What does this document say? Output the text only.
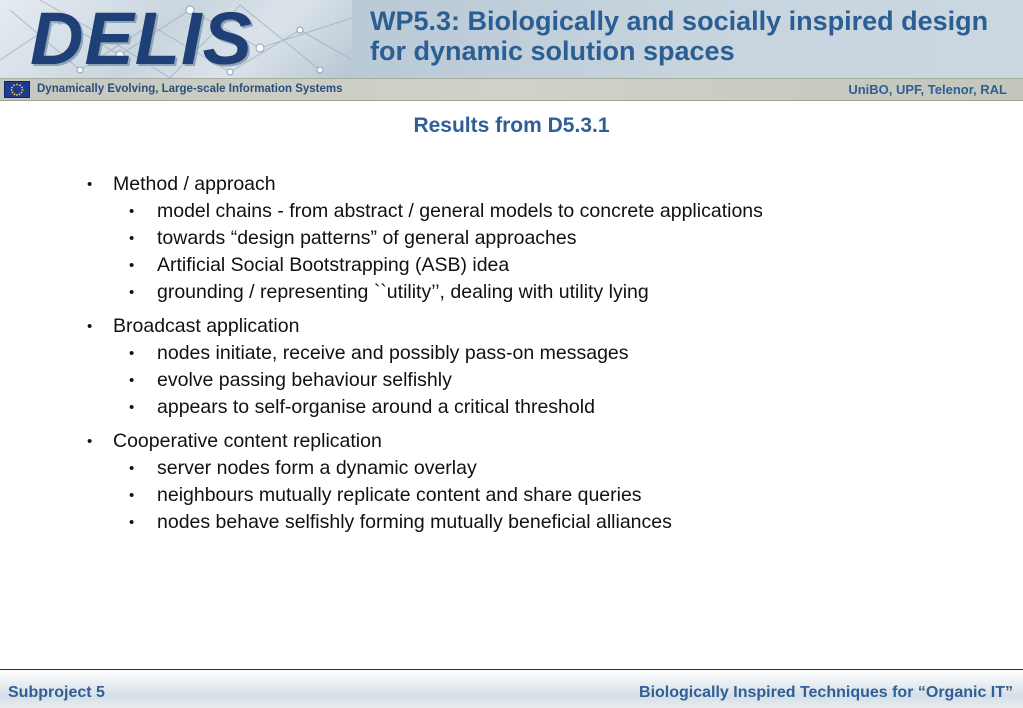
DELIS	WP5.3: Biologically and socially inspired design for dynamic solution spaces
Dynamically Evolving, Large-scale Information Systems	UniBO, UPF, Telenor, RAL
Results from D5.3.1
• Method / approach
• model chains - from abstract / general models to concrete applications
• towards “design patterns” of general approaches
• Artificial Social Bootstrapping (ASB) idea
• grounding / representing ``utility’’, dealing with utility lying
• Broadcast application
• nodes initiate, receive and possibly pass-on messages
• evolve passing behaviour selfishly
• appears to self-organise around a critical threshold
• Cooperative content replication
• server nodes form a dynamic overlay
• neighbours mutually replicate content and share queries
• nodes behave selfishly forming mutually beneficial alliances
Subproject 5	Biologically Inspired Techniques for “Organic IT”
